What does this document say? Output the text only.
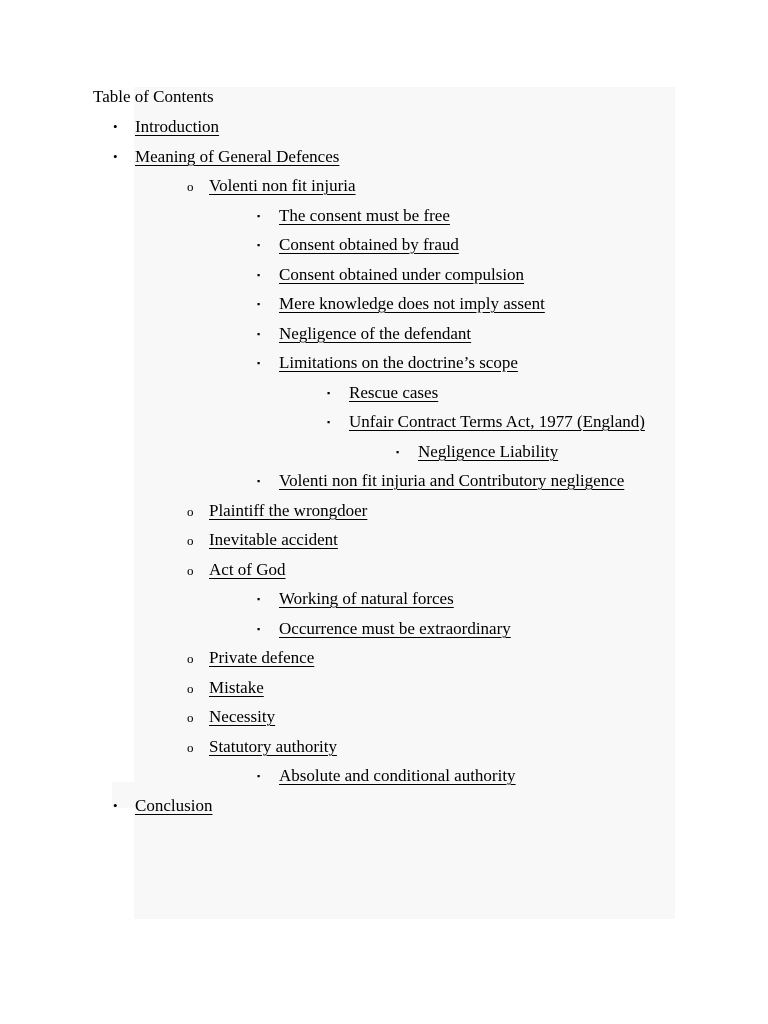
Table of Contents
• Introduction
• Meaning of General Defences
o Volenti non fit injuria
▪ The consent must be free
▪ Consent obtained by fraud
▪ Consent obtained under compulsion
▪ Mere knowledge does not imply assent
▪ Negligence of the defendant
▪ Limitations on the doctrine’s scope
▪ Rescue cases
▪ Unfair Contract Terms Act, 1977 (England)
▪ Negligence Liability
▪ Volenti non fit injuria and Contributory negligence
o Plaintiff the wrongdoer
o Inevitable accident
o Act of God
▪ Working of natural forces
▪ Occurrence must be extraordinary
o Private defence
o Mistake
o Necessity
o Statutory authority
▪ Absolute and conditional authority
• Conclusion
